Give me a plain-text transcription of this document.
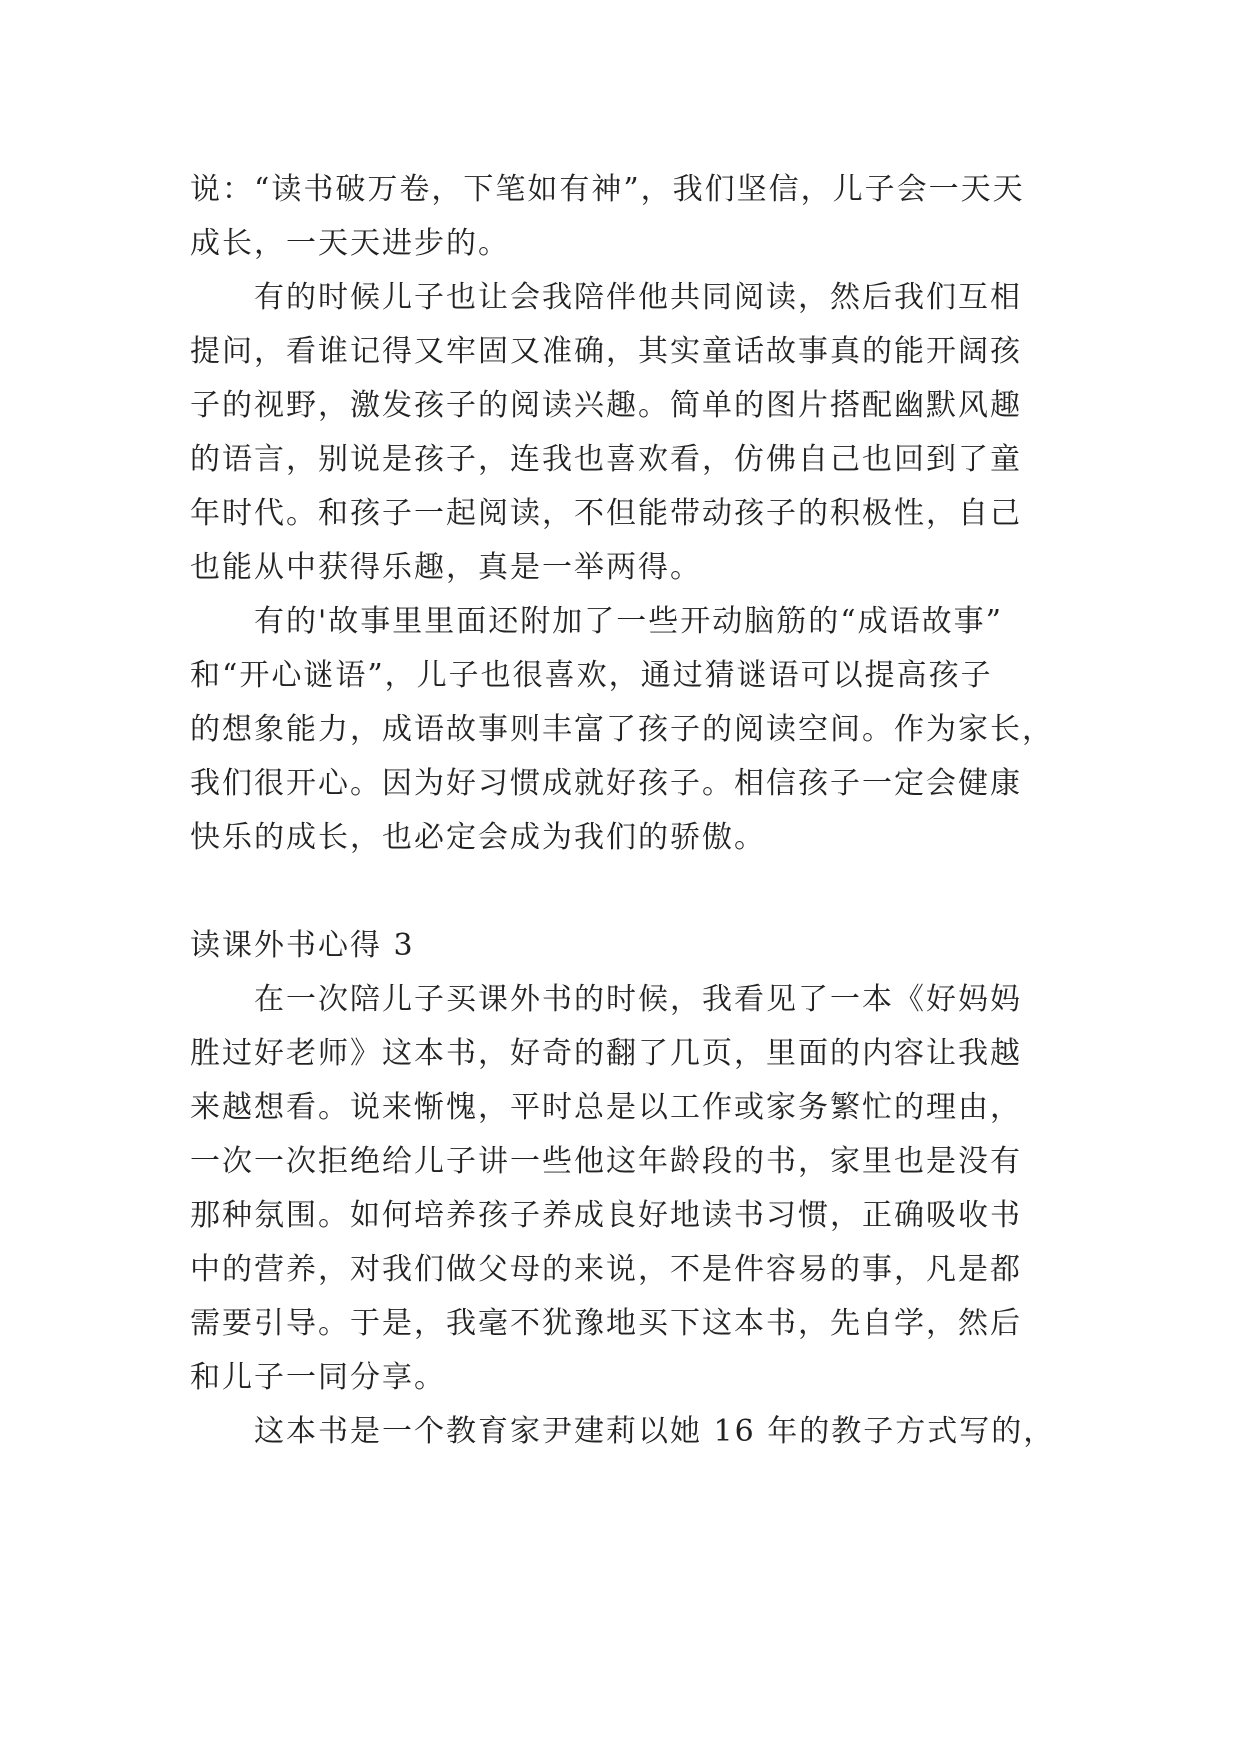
说：“读书破万卷，下笔如有神”，我们坚信，儿子会一天天
成长，一天天进步的。
有的时候儿子也让会我陪伴他共同阅读，然后我们互相
提问，看谁记得又牢固又准确，其实童话故事真的能开阔孩
子的视野，激发孩子的阅读兴趣。简单的图片搭配幽默风趣
的语言，别说是孩子，连我也喜欢看，仿佛自己也回到了童
年时代。和孩子一起阅读，不但能带动孩子的积极性，自己
也能从中获得乐趣，真是一举两得。
有的'故事里里面还附加了一些开动脑筋的“成语故事”
和“开心谜语”，儿子也很喜欢，通过猜谜语可以提高孩子
的想象能力，成语故事则丰富了孩子的阅读空间。作为家长，
我们很开心。因为好习惯成就好孩子。相信孩子一定会健康
快乐的成长，也必定会成为我们的骄傲。
读课外书心得 3
在一次陪儿子买课外书的时候，我看见了一本《好妈妈
胜过好老师》这本书，好奇的翻了几页，里面的内容让我越
来越想看。说来惭愧，平时总是以工作或家务繁忙的理由，
一次一次拒绝给儿子讲一些他这年龄段的书，家里也是没有
那种氛围。如何培养孩子养成良好地读书习惯，正确吸收书
中的营养，对我们做父母的来说，不是件容易的事，凡是都
需要引导。于是，我毫不犹豫地买下这本书，先自学，然后
和儿子一同分享。
这本书是一个教育家尹建莉以她 16 年的教子方式写的，
